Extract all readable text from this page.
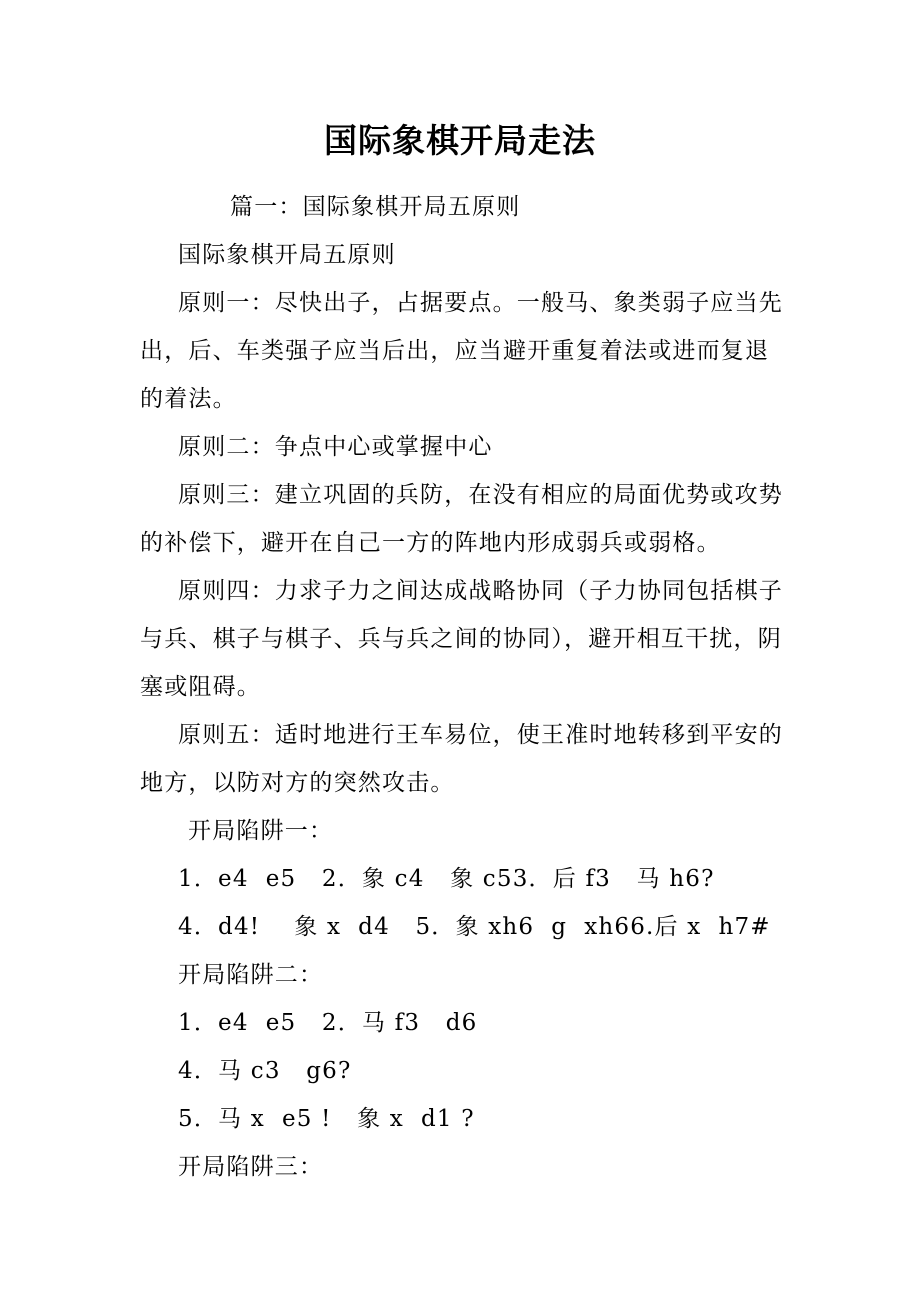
国际象棋开局走法

篇一：国际象棋开局五原则

国际象棋开局五原则

原则一：尽快出子，占据要点。一般马、象类弱子应当先出，后、车类强子应当后出，应当避开重复着法或进而复退的着法。

原则二：争点中心或掌握中心

原则三：建立巩固的兵防，在没有相应的局面优势或攻势的补偿下，避开在自己一方的阵地内形成弱兵或弱格。

原则四：力求子力之间达成战略协同（子力协同包括棋子与兵、棋子与棋子、兵与兵之间的协同），避开相互干扰，阴塞或阻碍。

原则五：适时地进行王车易位，使王准时地转移到平安的地方，以防对方的突然攻击。

开局陷阱一：

1．e4  e5   2．象 c4   象 c53．后 f3   马 h6?

4．d4!    象 x  d4   5．象 xh6  g  xh66.后 x  h7#

开局陷阱二：

1．e4  e5   2．马 f3   d6

4．马 c3   g6?

5．马 x  e5 !   象 x  d1 ?

开局陷阱三：
